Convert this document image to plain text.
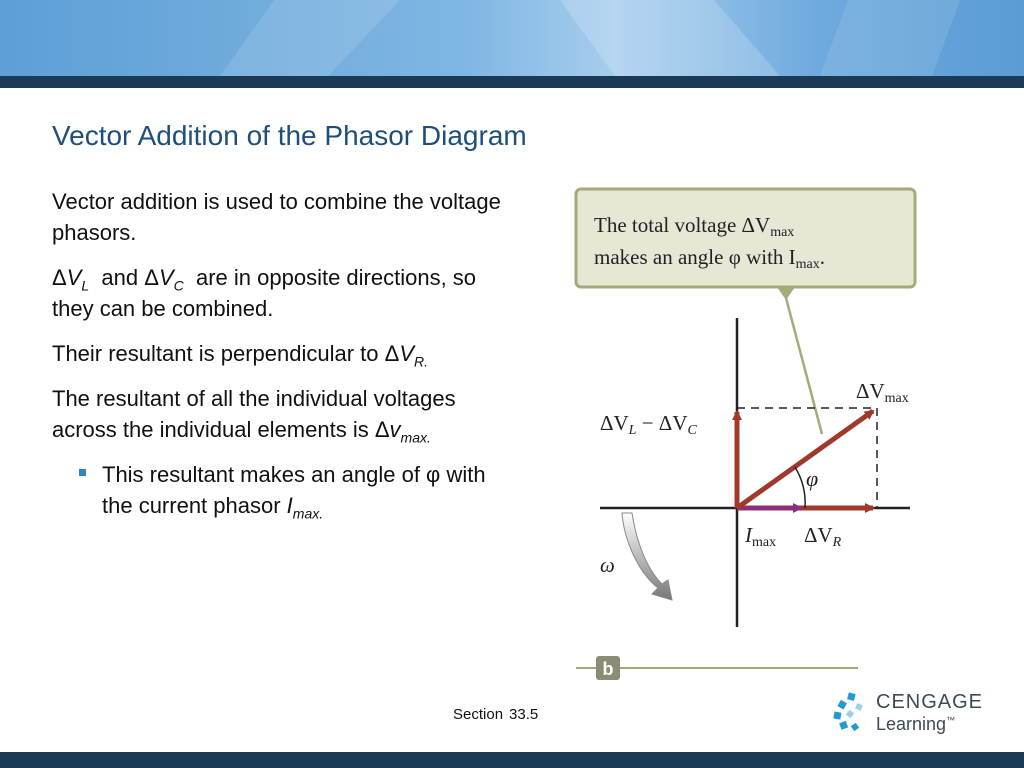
Vector Addition of the Phasor Diagram

Vector addition is used to combine the voltage phasors.

$\Delta V_L$ and $\Delta V_C$ are in opposite directions, so they can be combined.

Their resultant is perpendicular to $\Delta V_{R.}$

The resultant of all the individual voltages across the individual elements is $\Delta v_{max.}$

This resultant makes an angle of φ with the current phasor $I_{max.}$
The total voltage ΔVmax
makes an angle φ with Imax.
ΔVL − ΔVC
ΔVmax
φ
Imax ΔVR
ω
b
Section 33.5
CENGAGE
Learning™
